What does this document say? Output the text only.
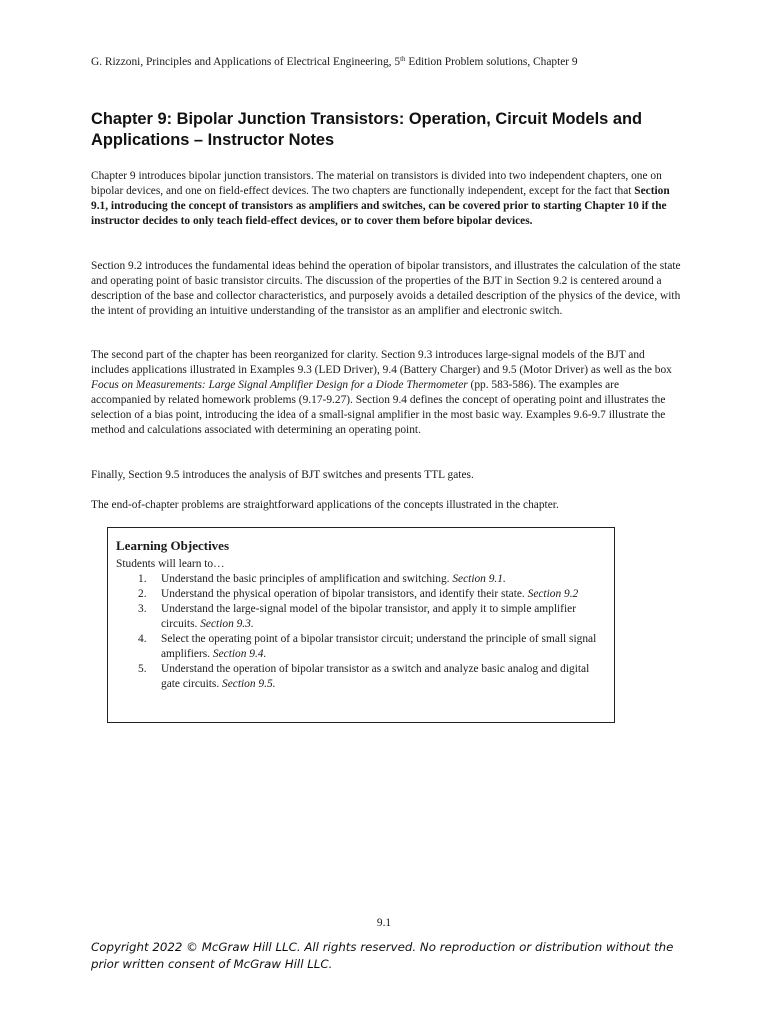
G. Rizzoni, Principles and Applications of Electrical Engineering, 5th Edition Problem solutions, Chapter 9
Chapter 9: Bipolar Junction Transistors: Operation, Circuit Models and Applications – Instructor Notes

Chapter 9 introduces bipolar junction transistors. The material on transistors is divided into two independent chapters, one on bipolar devices, and one on field-effect devices. The two chapters are functionally independent, except for the fact that Section 9.1, introducing the concept of transistors as amplifiers and switches, can be covered prior to starting Chapter 10 if the instructor decides to only teach field-effect devices, or to cover them before bipolar devices.

Section 9.2 introduces the fundamental ideas behind the operation of bipolar transistors, and illustrates the calculation of the state and operating point of basic transistor circuits. The discussion of the properties of the BJT in Section 9.2 is centered around a description of the base and collector characteristics, and purposely avoids a detailed description of the physics of the device, with the intent of providing an intuitive understanding of the transistor as an amplifier and electronic switch.

The second part of the chapter has been reorganized for clarity. Section 9.3 introduces large-signal models of the BJT and includes applications illustrated in Examples 9.3 (LED Driver), 9.4 (Battery Charger) and 9.5 (Motor Driver) as well as the box Focus on Measurements: Large Signal Amplifier Design for a Diode Thermometer (pp. 583-586). The examples are accompanied by related homework problems (9.17-9.27). Section 9.4 defines the concept of operating point and illustrates the selection of a bias point, introducing the idea of a small-signal amplifier in the most basic way. Examples 9.6-9.7 illustrate the method and calculations associated with determining an operating point.

Finally, Section 9.5 introduces the analysis of BJT switches and presents TTL gates.

The end-of-chapter problems are straightforward applications of the concepts illustrated in the chapter.

Learning Objectives

Students will learn to…

1. Understand the basic principles of amplification and switching. Section 9.1.
2. Understand the physical operation of bipolar transistors, and identify their state. Section 9.2
3. Understand the large-signal model of the bipolar transistor, and apply it to simple amplifier circuits. Section 9.3.
4. Select the operating point of a bipolar transistor circuit; understand the principle of small signal amplifiers. Section 9.4.
5. Understand the operation of bipolar transistor as a switch and analyze basic analog and digital gate circuits. Section 9.5.
9.1

Copyright 2022 © McGraw Hill LLC. All rights reserved. No reproduction or distribution without the prior written consent of McGraw Hill LLC.
